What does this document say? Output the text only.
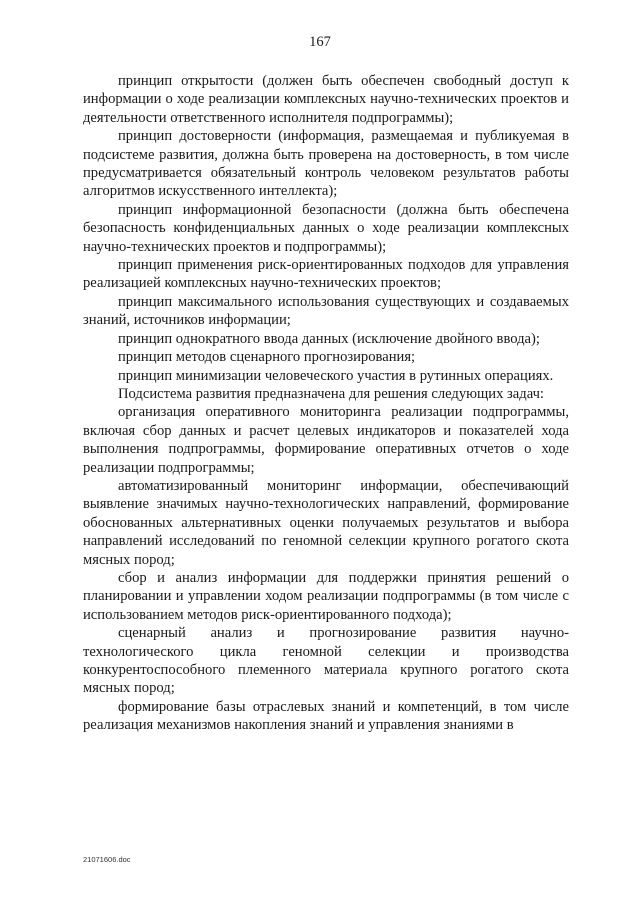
167

принцип открытости (должен быть обеспечен свободный доступ к информации о ходе реализации комплексных научно-технических проектов и деятельности ответственного исполнителя подпрограммы);

принцип достоверности (информация, размещаемая и публикуемая в подсистеме развития, должна быть проверена на достоверность, в том числе предусматривается обязательный контроль человеком результатов работы алгоритмов искусственного интеллекта);

принцип информационной безопасности (должна быть обеспечена безопасность конфиденциальных данных о ходе реализации комплексных научно-технических проектов и подпрограммы);

принцип применения риск-ориентированных подходов для управления реализацией комплексных научно-технических проектов;

принцип максимального использования существующих и создаваемых знаний, источников информации;

принцип однократного ввода данных (исключение двойного ввода);

принцип методов сценарного прогнозирования;

принцип минимизации человеческого участия в рутинных операциях.

Подсистема развития предназначена для решения следующих задач:

организация оперативного мониторинга реализации подпрограммы, включая сбор данных и расчет целевых индикаторов и показателей хода выполнения подпрограммы, формирование оперативных отчетов о ходе реализации подпрограммы;

автоматизированный мониторинг информации, обеспечивающий выявление значимых научно-технологических направлений, формирование обоснованных альтернативных оценки получаемых результатов и выбора направлений исследований по геномной селекции крупного рогатого скота мясных пород;

сбор и анализ информации для поддержки принятия решений о планировании и управлении ходом реализации подпрограммы (в том числе с использованием методов риск-ориентированного подхода);

сценарный анализ и прогнозирование развития научно-технологического цикла геномной селекции и производства конкурентоспособного племенного материала крупного рогатого скота мясных пород;

формирование базы отраслевых знаний и компетенций, в том числе реализация механизмов накопления знаний и управления знаниями в

21071606.doc
